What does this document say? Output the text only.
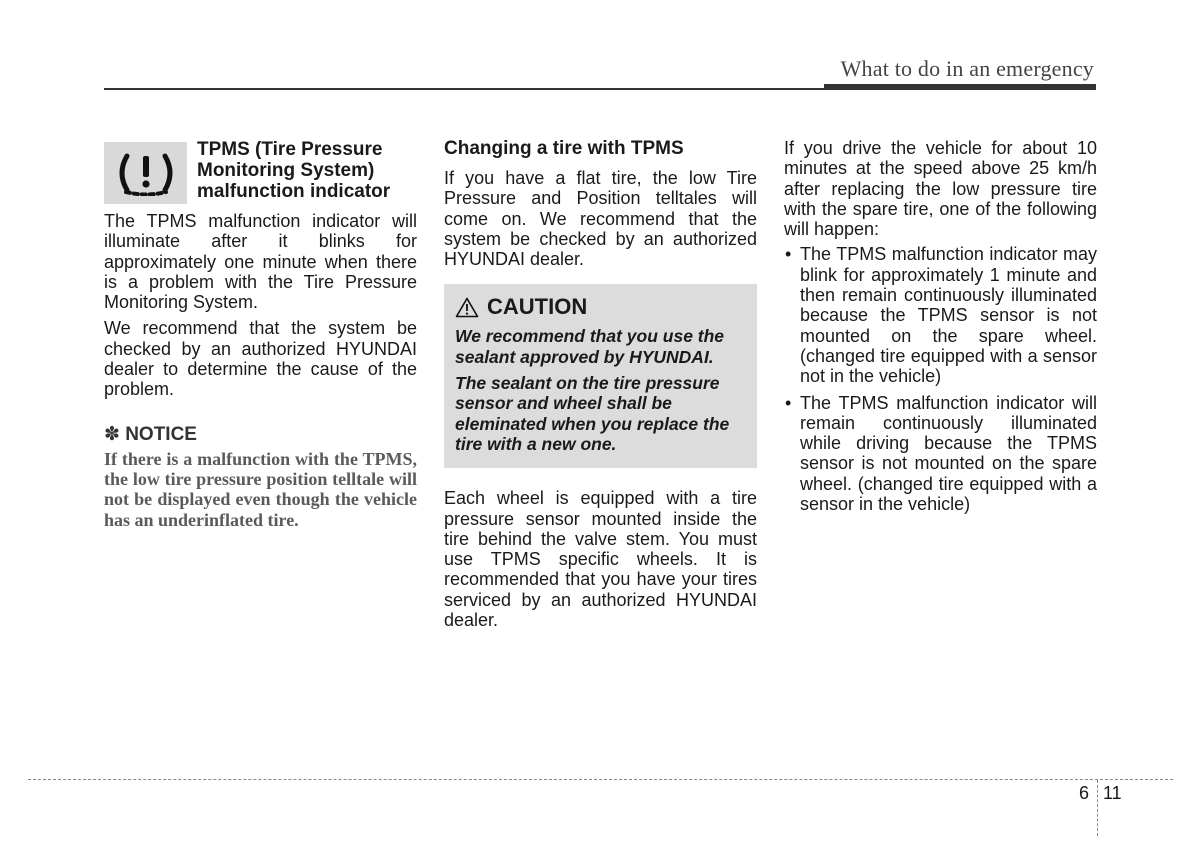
What to do in an emergency
TPMS (Tire Pressure Monitoring System) malfunction indicator

The TPMS malfunction indicator will illuminate after it blinks for approximately one minute when there is a problem with the Tire Pressure Monitoring System.

We recommend that the system be checked by an authorized HYUNDAI dealer to determine the cause of the problem.

✽ NOTICE

If there is a malfunction with the TPMS, the low tire pressure position telltale will not be displayed even though the vehicle has an underinflated tire.

Changing a tire with TPMS

If you have a flat tire, the low Tire Pressure and Position telltales will come on. We recommend that the system be checked by an authorized HYUNDAI dealer.

CAUTION

We recommend that you use the sealant approved by HYUNDAI.

The sealant on the tire pressure sensor and wheel shall be eleminated when you replace the tire with a new one.

Each wheel is equipped with a tire pressure sensor mounted inside the tire behind the valve stem. You must use TPMS specific wheels. It is recommended that you have your tires serviced by an authorized HYUNDAI dealer.

If you drive the vehicle for about 10 minutes at the speed above 25 km/h after replacing the low pressure tire with the spare tire, one of the following will happen:

• The TPMS malfunction indicator may blink for approximately 1 minute and then remain continuously illuminated because the TPMS sensor is not mounted on the spare wheel. (changed tire equipped with a sensor not in the vehicle)
• The TPMS malfunction indicator will remain continuously illuminated while driving because the TPMS sensor is not mounted on the spare wheel. (changed tire equipped with a sensor in the vehicle)
6 11
